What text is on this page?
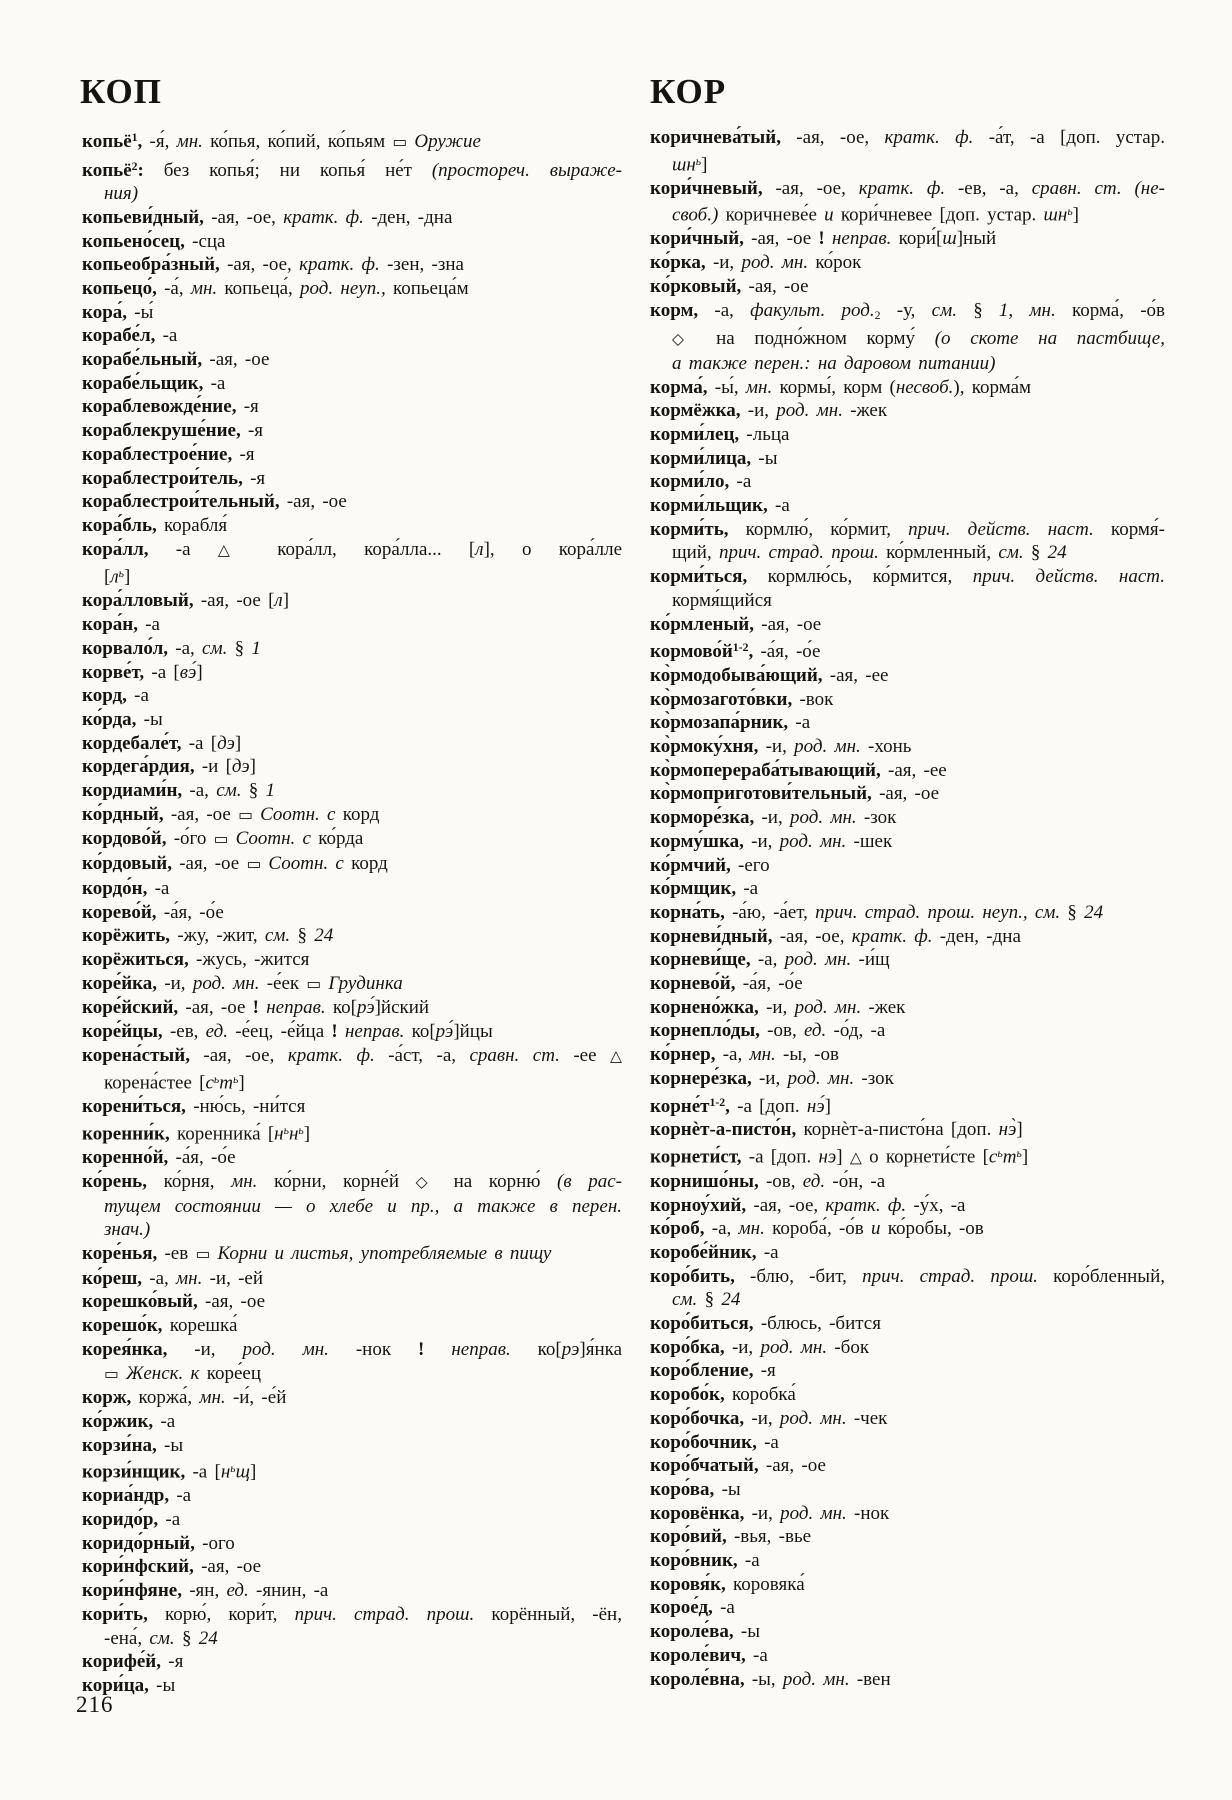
КОП	КОР
копьё$^1$,​ -я́, мн. ко́пья, ко́пий, ко́пьям ▭ Оружие
копьё$^2$: без копья́; ни копья́ не́т (простореч. выраже-
ния)
копьеви́дный, -ая, -ое, кратк. ф. -ден, -дна
копьено́сец, -сца
копьеобра́зный, -ая, -ое, кратк. ф. -зен, -зна
копьецо́, -а́, мн. копьеца́, род. неуп., копьеца́м
кора́, -ы́
корабе́л, -а
корабе́льный, -ая, -ое
корабе́льщик, -а
кораблевожде́ние, -я
кораблекруше́ние, -я
кораблестрое́ние, -я
кораблестрои́тель, -я
кораблестрои́тельный, -ая, -ое
кора́бль, корабля́
кора́лл, -а △ кора́лл, кора́лла... [л], о кора́лле
$[л^ь]$
кора́лловый, -ая, -ое [л]
кора́н, -а
корвало́л, -а, см. § 1
корве́т, -а [вэ́]
корд, -а
ко́рда, -ы
кордебале́т, -а [дэ]
кордега́рдия, -и [дэ]
кордиами́н, -а, см. § 1
ко́рдный, -ая, -ое ▭ Соотн. с корд
кордово́й, -о́го ▭ Соотн. с ко́рда
ко́рдовый, -ая, -ое ▭ Соотн. с корд
кордо́н, -а
корево́й, -а́я, -о́е
корёжить, -жу, -жит, см. § 24
корёжиться, -жусь, -жится
коре́йка, -и, род. мн. -е́ек ▭ Грудинка
коре́йский, -ая, -ое ! неправ. ко[рэ́]йский
коре́йцы, -ев, ед. -е́ец, -е́йца ! неправ. ко[рэ́]йцы
корена́стый, -ая, -ое, кратк. ф. -а́ст, -а, сравн. ст. -ее △
корена́стее $[с^ьт^ь]$
корени́ться, -ню́сь, -ни́тся
коренни́к, коренника́ $[н^ьн^ь]$
коренно́й, -а́я, -о́е
ко́рень, ко́рня, мн. ко́рни, корне́й ◇ на корню́ (в рас-
тущем состоянии — о хлебе и пр., а также в перен.
знач.)
коре́нья, -ев ▭ Корни и листья, употребляемые в пищу
ко́реш, -а, мн. -и, -ей
корешко́вый, -ая, -ое
корешо́к, корешка́
корея́нка, -и, род. мн. -нок ! неправ. ко[рэ]я́нка
▭ Женск. к коре́ец
корж, коржа́, мн. -и́, -е́й
ко́ржик, -а
корзи́на, -ы
корзи́нщик, -а $[н^ьщ]$
кориа́ндр, -а
коридо́р, -а
коридо́рный, -ого
кори́нфский, -ая, -ое
кори́нфяне, -ян, ед. -янин, -а
кори́ть, корю́, кори́т, прич. страд. прош. корённый, -ён,
-ена́, см. § 24
корифе́й, -я
кори́ца, -ы
коричнева́тый, -ая, -ое, кратк. ф. -а́т, -а [доп. устар.
$шн^ь$]
кори́чневый, -ая, -ое, кратк. ф. -ев, -а, сравн. ст. (не-
своб.) коричневе́е и кори́чневее [доп. устар. $шн^ь$]
кори́чный, -ая, -ое ! неправ. кори́[ш]ный
ко́рка, -и, род. мн. ко́рок
ко́рковый, -ая, -ое
корм, -а, факульт. $род._2$ -у, см. § 1, мн. корма́, -о́в
◇ на подно́жном корму́ (о скоте на пастбище,
а также перен.: на даровом питании)
корма́, -ы́, мн. кормы́, корм (несвоб.), корма́м
кормёжка, -и, род. мн. -жек
корми́лец, -льца
корми́лица, -ы
корми́ло, -а
корми́льщик, -а
корми́ть, кормлю́, ко́рмит, прич. действ. наст. кормя́-
щий, прич. страд. прош. ко́рмленный, см. § 24
корми́ться, кормлю́сь, ко́рмится, прич. действ. наст.
кормя́щийся
ко́рмленый, -ая, -ое
$кормово́й^{1-2}$, -а́я, -о́е
ко̀рмодобыва́ющий, -ая, -ее
ко̀рмозагото́вки, -вок
ко̀рмозапа́рник, -а
ко̀рмоку́хня, -и, род. мн. -хонь
ко̀рмоперераба́тывающий, -ая, -ее
ко̀рмоприготови́тельный, -ая, -ое
корморе́зка, -и, род. мн. -зок
корму́шка, -и, род. мн. -шек
ко́рмчий, -его
ко́рмщик, -а
корна́ть, -а́ю, -а́ет, прич. страд. прош. неуп., см. § 24
корневи́дный, -ая, -ое, кратк. ф. -ден, -дна
корневи́ще, -а, род. мн. -и́щ
корнево́й, -а́я, -о́е
корнено́жка, -и, род. мн. -жек
корнепло́ды, -ов, ед. -о́д, -а
ко́рнер, -а, мн. -ы, -ов
корнере́зка, -и, род. мн. -зок
$корне́т^{1-2}$, -а [доп. нэ́]
корнѐт-а-писто́н, корнѐт-а-писто́на [доп. нэ̀]
корнети́ст, -а [доп. нэ] △ о корнети́сте $[с^ьт^ь]$
корнишо́ны, -ов, ед. -о́н, -а
корноу́хий, -ая, -ое, кратк. ф. -у́х, -а
ко́роб, -а, мн. короба́, -о́в и ко́робы, -ов
коробе́йник, -а
коро́бить, -блю, -бит, прич. страд. прош. коро́бленный,
см. § 24
коро́биться, -блюсь, -бится
коро́бка, -и, род. мн. -бок
коро́бление, -я
коробо́к, коробка́
коро́бочка, -и, род. мн. -чек
коро́бочник, -а
коро́бчатый, -ая, -ое
коро́ва, -ы
коровёнка, -и, род. мн. -нок
коро́вий, -вья, -вье
коро́вник, -а
коровя́к, коровяка́
корое́д, -а
короле́ва, -ы
короле́вич, -а
короле́вна, -ы, род. мн. -вен
216
